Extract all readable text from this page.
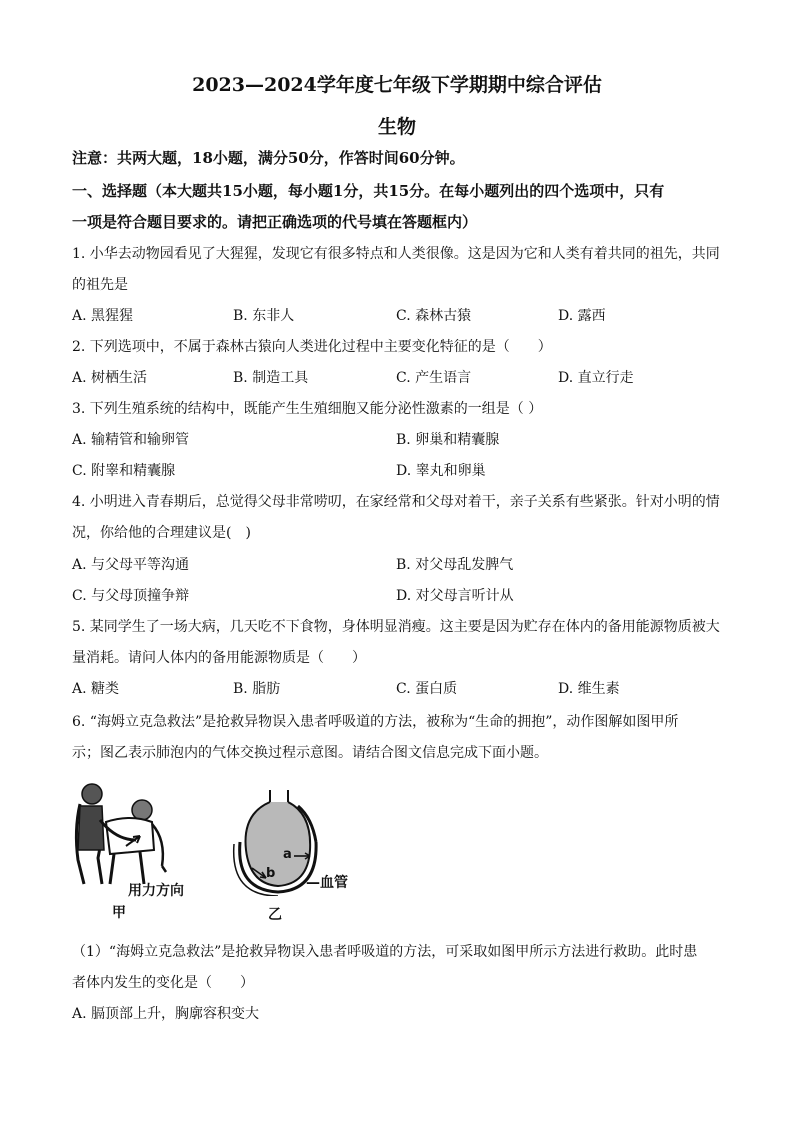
2023—2024学年度七年级下学期期中综合评估
生物
注意：共两大题，18小题，满分50分，作答时间60分钟。
一、选择题（本大题共15小题，每小题1分，共15分。在每小题列出的四个选项中，只有
一项是符合题目要求的。请把正确选项的代号填在答题框内）
1. 小华去动物园看见了大猩猩，发现它有很多特点和人类很像。这是因为它和人类有着共同的祖先，共同
的祖先是
A. 黑猩猩	B. 东非人	C. 森林古猿	D. 露西
2. 下列选项中，不属于森林古猿向人类进化过程中主要变化特征的是（　　）
A. 树栖生活	B. 制造工具	C. 产生语言	D. 直立行走
3. 下列生殖系统的结构中，既能产生生殖细胞又能分泌性激素的一组是（ ）
A. 输精管和输卵管	B. 卵巢和精囊腺
C. 附睾和精囊腺	D. 睾丸和卵巢
4. 小明进入青春期后，总觉得父母非常唠叨，在家经常和父母对着干，亲子关系有些紧张。针对小明的情
况，你给他的合理建议是(　)
A. 与父母平等沟通	B. 对父母乱发脾气
C. 与父母顶撞争辩	D. 对父母言听计从
5. 某同学生了一场大病，几天吃不下食物，身体明显消瘦。这主要是因为贮存在体内的备用能源物质被大
量消耗。请问人体内的备用能源物质是（　　）
A. 糖类	B. 脂肪	C. 蛋白质	D. 维生素
6. “海姆立克急救法”是抢救异物误入患者呼吸道的方法，被称为“生命的拥抱”，动作图解如图甲所
示；图乙表示肺泡内的气体交换过程示意图。请结合图文信息完成下面小题。
用力方向
甲
a
b
—血管
乙
（1）“海姆立克急救法”是抢救异物误入患者呼吸道的方法，可采取如图甲所示方法进行救助。此时患
者体内发生的变化是（　　）
A. 膈顶部上升，胸廓容积变大
